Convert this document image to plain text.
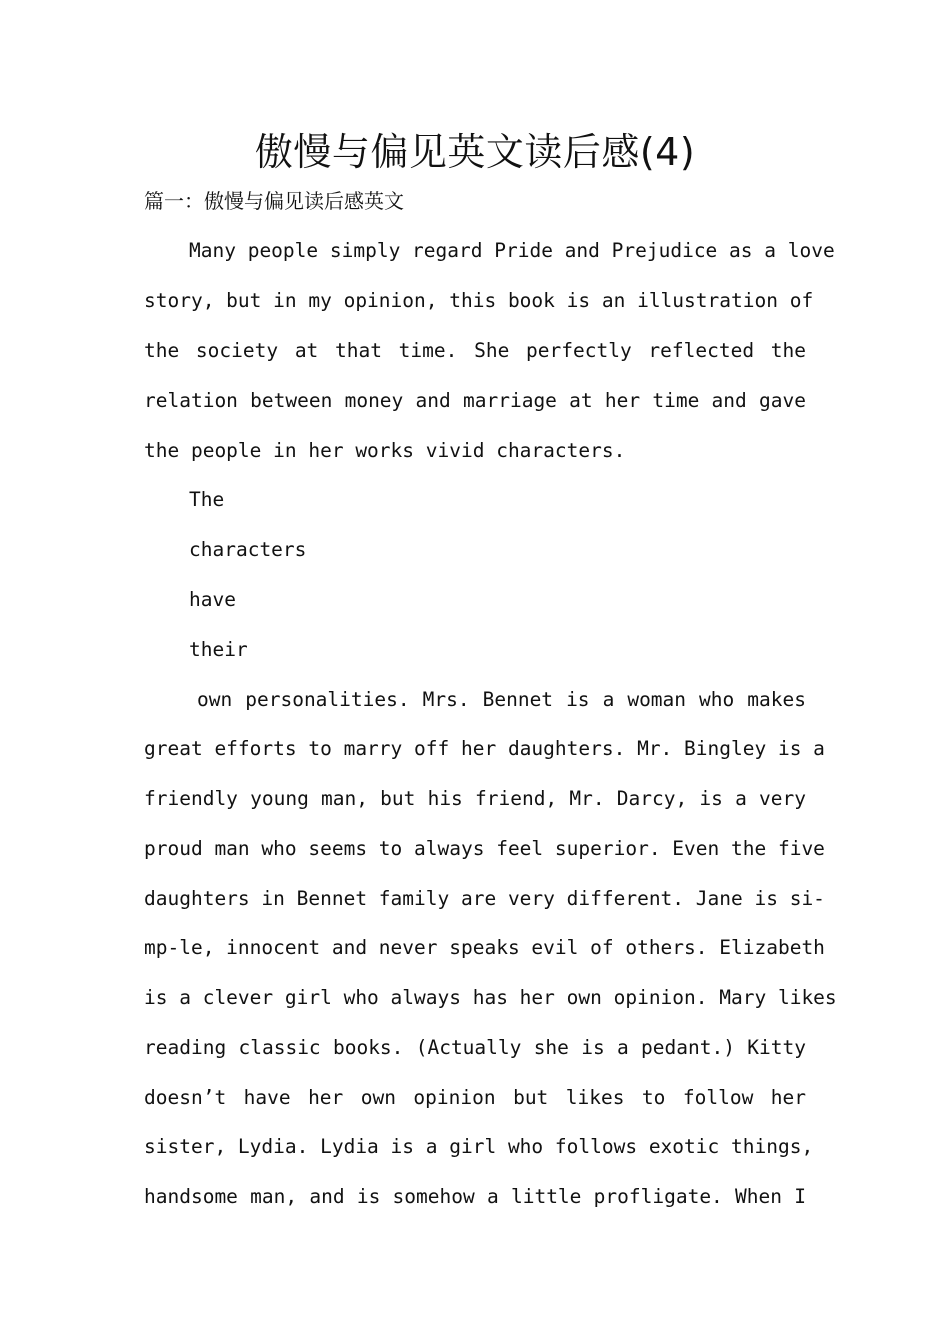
傲慢与偏见英文读后感(4)
篇一：傲慢与偏见读后感英文
Many people simply regard Pride and Prejudice as a love
story, but in my opinion, this book is an illustration of
the society at that time. She perfectly reflected the
relation between money and marriage at her time and gave
the people in her works vivid characters.
The
characters
have
their
own personalities. Mrs. Bennet is a woman who makes
great efforts to marry off her daughters. Mr. Bingley is a
friendly young man, but his friend, Mr. Darcy, is a very
proud man who seems to always feel superior. Even the five
daughters in Bennet family are very different. Jane is si-
mp-le, innocent and never speaks evil of others. Elizabeth
is a clever girl who always has her own opinion. Mary likes
reading classic books. (Actually she is a pedant.) Kitty
doesn’t have her own opinion but likes to follow her
sister, Lydia. Lydia is a girl who follows exotic things,
handsome man, and is somehow a little profligate. When I
